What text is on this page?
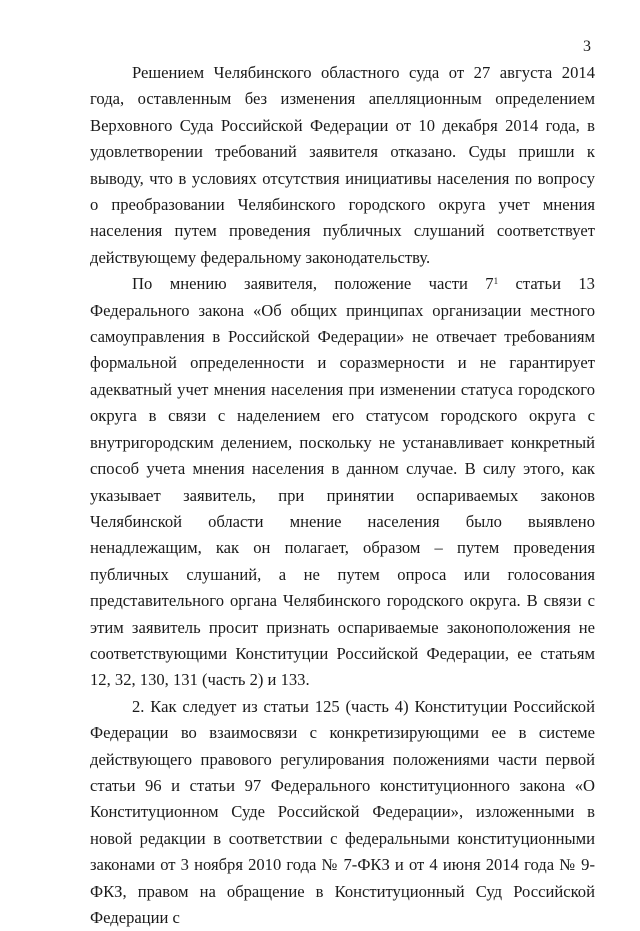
3

Решением Челябинского областного суда от 27 августа 2014 года, оставленным без изменения апелляционным определением Верховного Суда Российской Федерации от 10 декабря 2014 года, в удовлетворении требований заявителя отказано. Суды пришли к выводу, что в условиях отсутствия инициативы населения по вопросу о преобразовании Челябинского городского округа учет мнения населения путем проведения публичных слушаний соответствует действующему федеральному законодательству.

По мнению заявителя, положение части $7^1$ статьи 13 Федерального закона «Об общих принципах организации местного самоуправления в Российской Федерации» не отвечает требованиям формальной определенности и соразмерности и не гарантирует адекватный учет мнения населения при изменении статуса городского округа в связи с наделением его статусом городского округа с внутригородским делением, поскольку не устанавливает конкретный способ учета мнения населения в данном случае. В силу этого, как указывает заявитель, при принятии оспариваемых законов Челябинской области мнение населения было выявлено ненадлежащим, как он полагает, образом – путем проведения публичных слушаний, а не путем опроса или голосования представительного органа Челябинского городского округа. В связи с этим заявитель просит признать оспариваемые законоположения не соответствующими Конституции Российской Федерации, ее статьям 12, 32, 130, 131 (часть 2) и 133.

2. Как следует из статьи 125 (часть 4) Конституции Российской Федерации во взаимосвязи с конкретизирующими ее в системе действующего правового регулирования положениями части первой статьи 96 и статьи 97 Федерального конституционного закона «О Конституционном Суде Российской Федерации», изложенными в новой редакции в соответствии с федеральными конституционными законами от 3 ноября 2010 года № 7-ФКЗ и от 4 июня 2014 года № 9-ФКЗ, правом на обращение в Конституционный Суд Российской Федерации с
